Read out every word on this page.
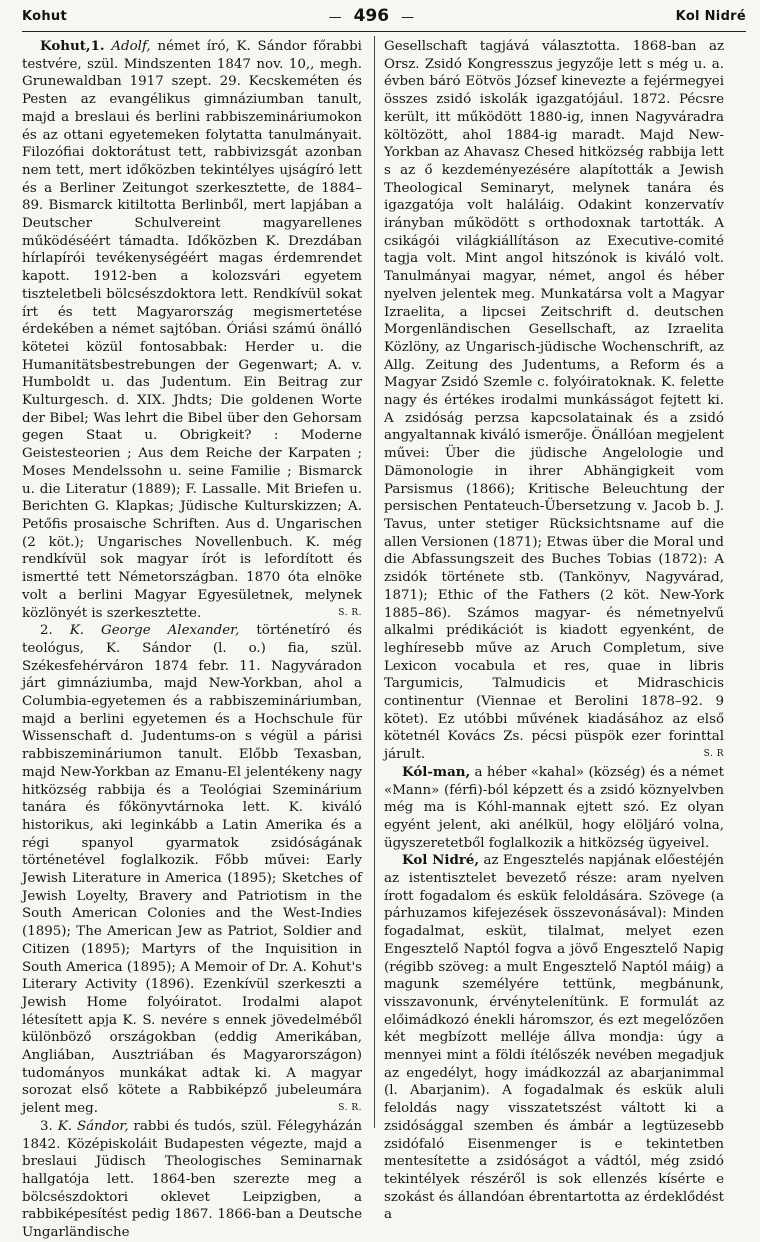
Kohut
—	496 —	Kol Nidré

Kohut,1. Adolf, német író, K. Sándor főrabbi testvére, szül. Mindszenten 1847 nov. 10,, megh. Grunewaldban 1917 szept. 29. Kecskeméten és Pesten az evangélikus gimnáziumban tanult, majd a breslaui és berlini rabbiszemináriumokon és az ottani egyetemeken folytatta tanulmányait. Filozófiai doktorátust tett, rabbivizsgát azonban nem tett, mert időközben tekintélyes ujságíró lett és a Berliner Zeitungot szerkesztette, de 1884–89. Bismarck kitiltotta Berlinből, mert lapjában a Deutscher Schulvereint magyarellenes működéséért támadta. Időközben K. Drezdában hírlapírói tevékenységéért magas érdemrendet kapott. 1912-ben a kolozsvári egyetem tiszteletbeli bölcsészdoktora lett. Rendkívül sokat írt és tett Magyarország megismertetése érdekében a német sajtóban. Óriási számú önálló kötetei közül fontosabbak: Herder u. die Humanitätsbestrebungen der Gegenwart; A. v. Humboldt u. das Judentum. Ein Beitrag zur Kulturgesch. d. XIX. Jhdts; Die goldenen Worte der Bibel; Was lehrt die Bibel über den Gehorsam gegen Staat u. Obrigkeit? : Moderne Geistesteorien ; Aus dem Reiche der Karpaten ; Moses Mendelssohn u. seine Familie ; Bismarck u. die Literatur (1889); F. Lassalle. Mit Briefen u. Berichten G. Klapkas; Jüdische Kulturskizzen; A. Petőfis prosaische Schriften. Aus d. Ungarischen (2 köt.); Ungarisches Novellenbuch. K. még rendkívül sok magyar írót is lefordított és ismertté tett Németországban. 1870 óta elnöke volt a berlini Magyar Egyesületnek, melynek közlönyét is szerkesztette.	S. R.

2. K. George Alexander, történetíró és teológus, K. Sándor (l. o.) fia, szül. Székesfehérváron 1874 febr. 11. Nagyváradon járt gimnáziumba, majd New-Yorkban, ahol a Columbia-egyetemen és a rabbiszemináriumban, majd a berlini egyetemen és a Hochschule für Wissenschaft d. Judentums-on s végül a párisi rabbiszemináriumon tanult. Előbb Texasban, majd New-Yorkban az Emanu-El jelentékeny nagy hitközség rabbija és a Teológiai Szeminárium tanára és főkönyvtárnoka lett. K. kiváló historikus, aki leginkább a Latin Amerika és a régi spanyol gyarmatok zsidóságának történetével foglalkozik. Főbb művei: Early Jewish Literature in America (1895); Sketches of Jewish Loyelty, Bravery and Patriotism in the South American Colonies and the West-Indies (1895); The American Jew as Patriot, Soldier and Citizen (1895); Martyrs of the Inquisition in South America (1895); A Memoir of Dr. A. Kohut's Literary Activity (1896). Ezenkívül szerkeszti a Jewish Home folyóiratot. Irodalmi alapot létesített apja K. S. nevére s ennek jövedelméből különböző országokban (eddig Amerikában, Angliában, Ausztriában és Magyarországon) tudományos munkákat adtak ki. A magyar sorozat első kötete a Rabbiképző jubeleumára jelent meg.	S. R.

3. K. Sándor, rabbi és tudós, szül. Félegyházán 1842. Középiskoláit Budapesten végezte, majd a breslaui Jüdisch Theologisches Seminarnak hallgatója lett. 1864-ben szerezte meg a bölcsészdoktori oklevet Leipzigben, a rabbiképesítést pedig 1867. 1866-ban a Deutsche Ungarländische

Gesellschaft tagjává választotta. 1868-ban az Orsz. Zsidó Kongresszus jegyzője lett s még u. a. évben báró Eötvös József kinevezte a fejérmegyei összes zsidó iskolák igazgatójául. 1872. Pécsre került, itt működött 1880-ig, innen Nagyváradra költözött, ahol 1884-ig maradt. Majd New-Yorkban az Ahavasz Chesed hitközség rabbija lett s az ő kezdeményezésére alapították a Jewish Theological Seminaryt, melynek tanára és igazgatója volt haláláig. Odakint konzervatív irányban működött s orthodoxnak tartották. A csikágói világkiállításon az Executive-comité tagja volt. Mint angol hitszónok is kiváló volt. Tanulmányai magyar, német, angol és héber nyelven jelentek meg. Munkatársa volt a Magyar Izraelita, a lipcsei Zeitschrift d. deutschen Morgenländischen Gesellschaft, az Izraelita Közlöny, az Ungarisch-jüdische Wochenschrift, az Allg. Zeitung des Judentums, a Reform és a Magyar Zsidó Szemle c. folyóiratoknak. K. felette nagy és értékes irodalmi munkásságot fejtett ki. A zsidóság perzsa kapcsolatainak és a zsidó angyaltannak kiváló ismerője. Önállóan megjelent művei: Über die jüdische Angelologie und Dämonologie in ihrer Abhängigkeit vom Parsismus (1866); Kritische Beleuchtung der persischen Pentateuch-Übersetzung v. Jacob b. J. Tavus, unter stetiger Rücksichtsname auf die allen Versionen (1871); Etwas über die Moral und die Abfassungszeit des Buches Tobias (1872): A zsidók története stb. (Tankönyv, Nagyvárad, 1871); Ethic of the Fathers (2 köt. New-York 1885–86). Számos magyar- és németnyelvű alkalmi prédikációt is kiadott egyenként, de leghíresebb műve az Aruch Completum, sive Lexicon vocabula et res, quae in libris Targumicis, Talmudicis et Midraschicis continentur (Viennae et Berolini 1878–92. 9 kötet). Ez utóbbi művének kiadásához az első kötetnél Kovács Zs. pécsi püspök ezer forinttal járult.	S. R

Kól-man, a héber «kahal» (község) és a német «Mann» (férfi)-ból képzett és a zsidó köznyelvben még ma is Kóhl-mannak ejtett szó. Ez olyan egyént jelent, aki anélkül, hogy elöljáró volna, ügyszeretetből foglalkozik a hitközség ügyeivel.

Kol Nidré, az Engesztelés napjának előestéjén az istentisztelet bevezető része: aram nyelven írott fogadalom és eskük feloldására. Szövege (a párhuzamos kifejezések összevonásával): Minden fogadalmat, esküt, tilalmat, melyet ezen Engesztelő Naptól fogva a jövő Engesztelő Napig (régibb szöveg: a mult Engesztelő Naptól máig) a magunk személyére tettünk, megbánunk, visszavonunk, érvénytelenítünk. E formulát az előimádkozó énekli háromszor, és ezt megelőzően két megbízott melléje állva mondja: úgy a mennyei mint a földi ítélőszék nevében megadjuk az engedélyt, hogy imádkozzál az abarjanimmal (l. Abarjanim). A fogadalmak és eskük aluli feloldás nagy visszatetszést váltott ki a zsidósággal szemben és ámbár a legtüzesebb zsidófaló Eisenmenger is e tekintetben mentesítette a zsidóságot a vádtól, még zsidó tekintélyek részéről is sok ellenzés kísérte e szokást és állandóan ébrentartotta az érdeklődést a
